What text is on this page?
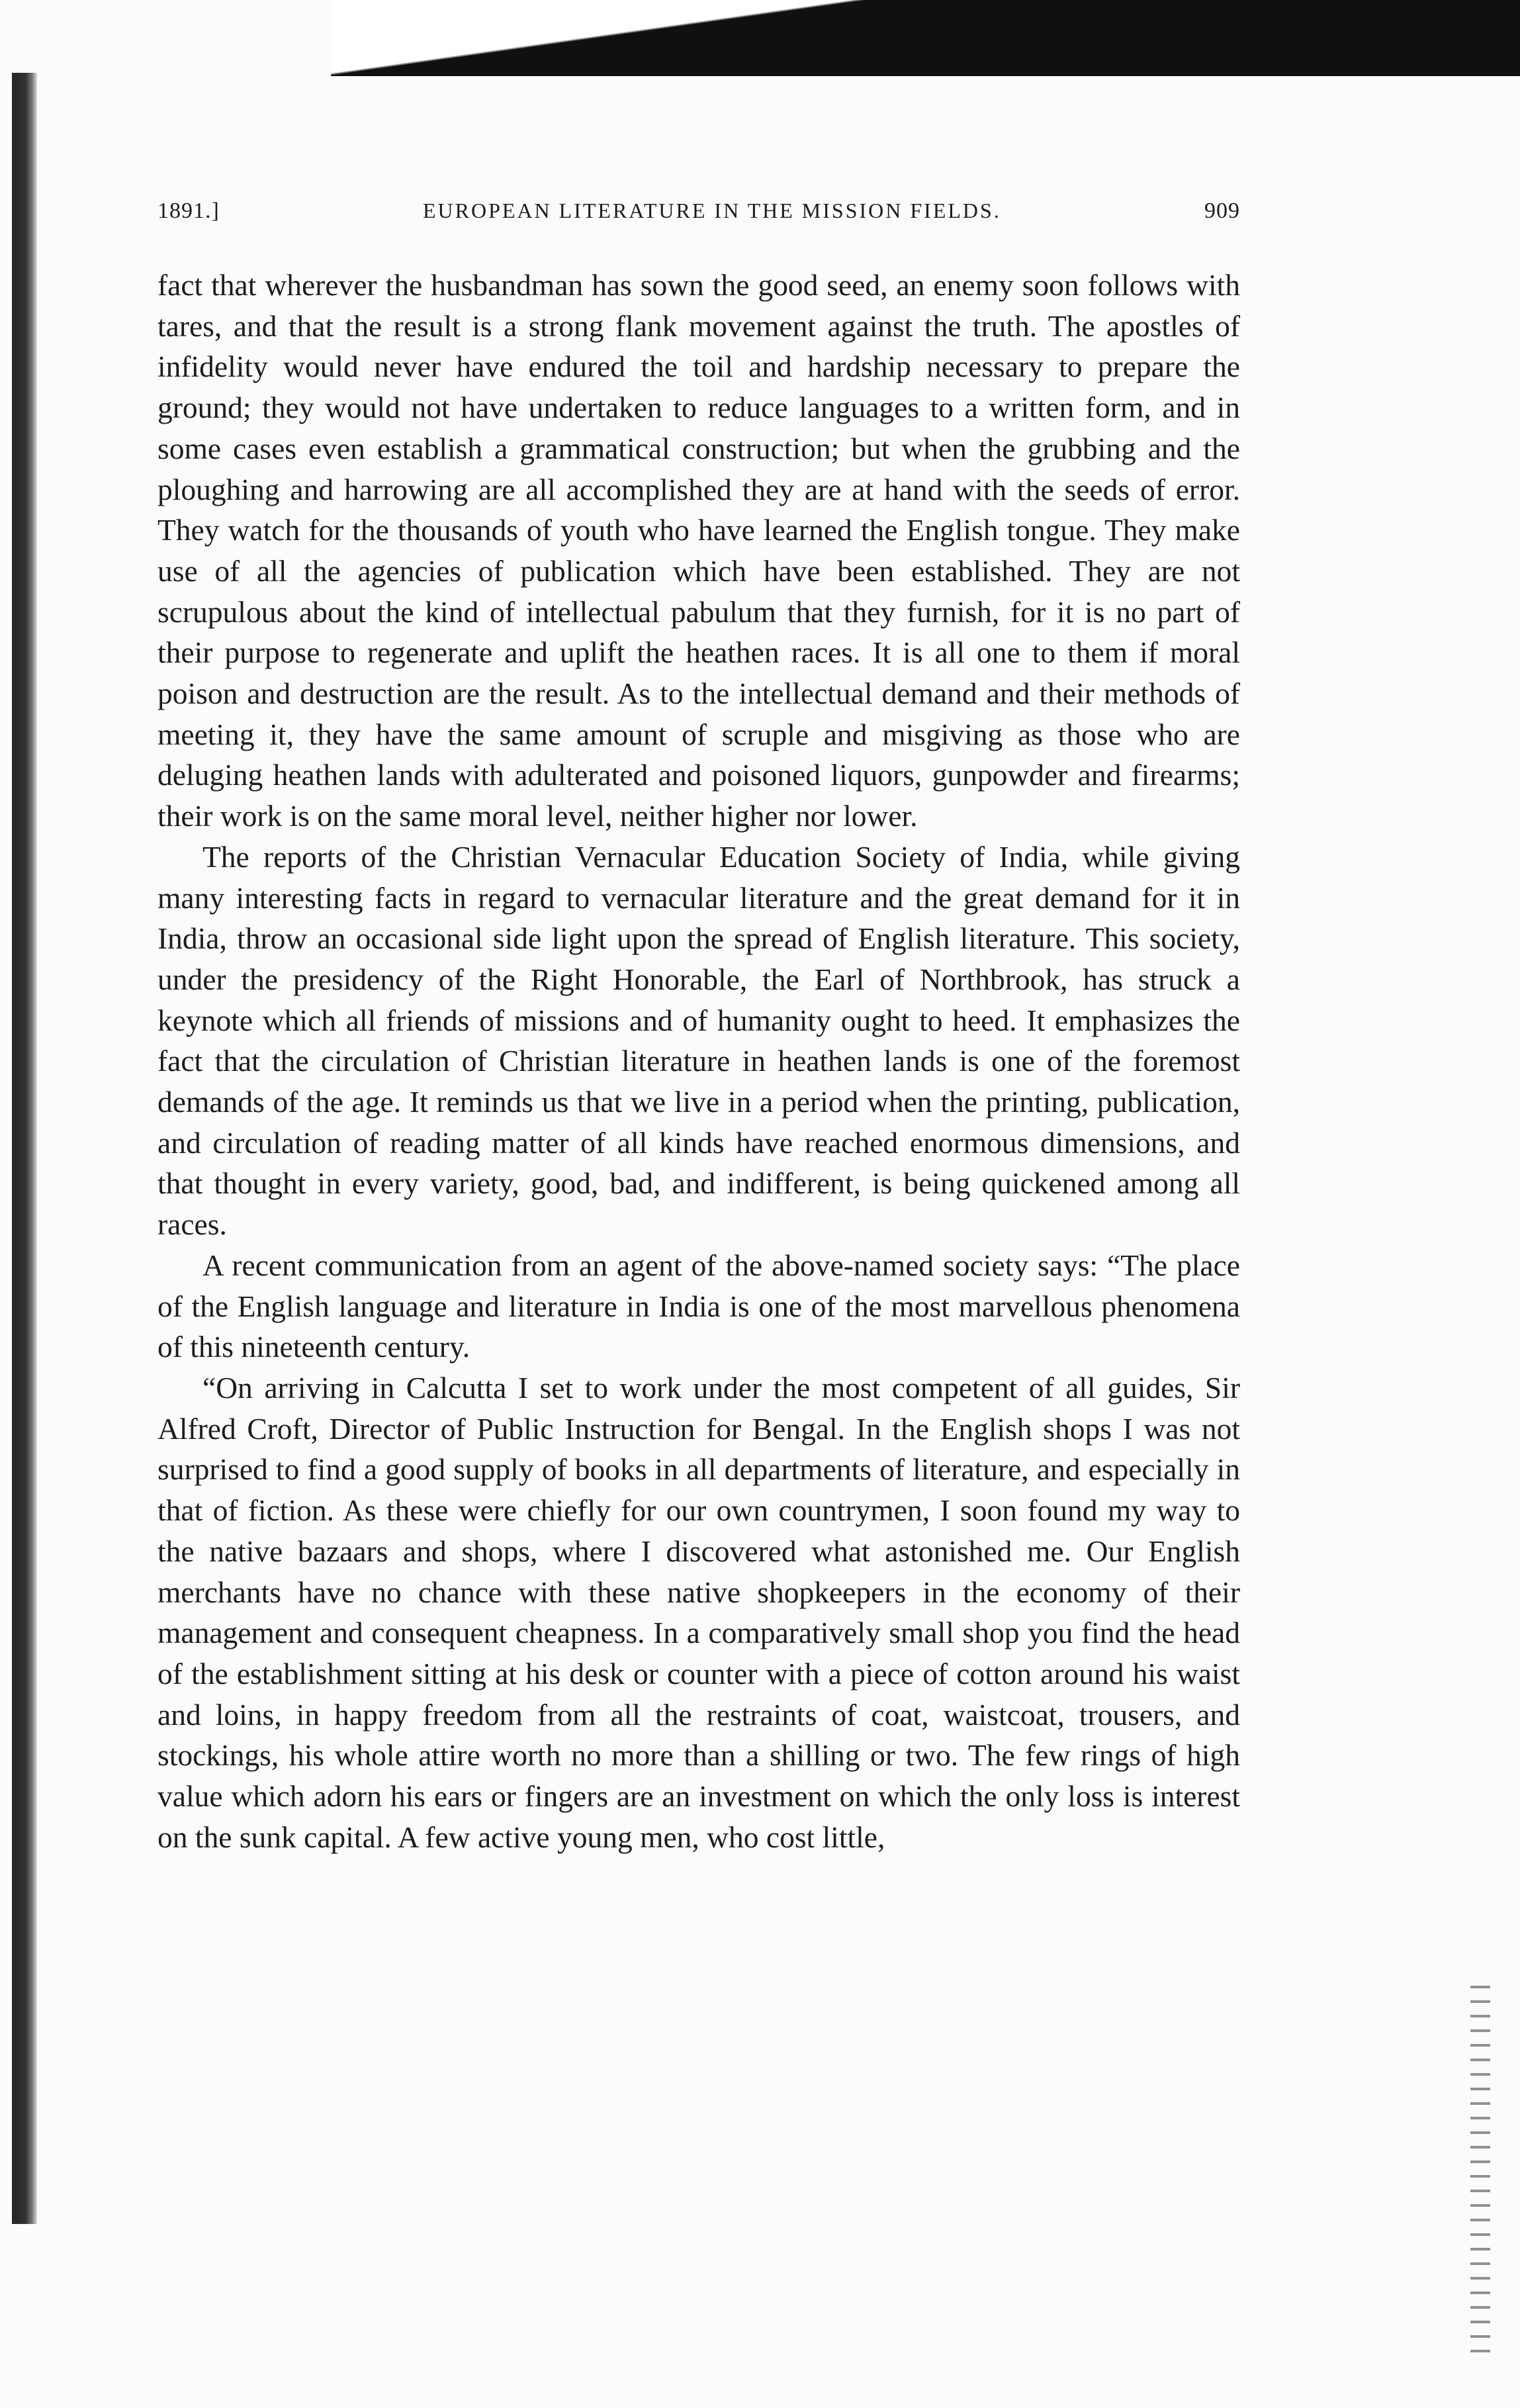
1891.]	EUROPEAN LITERATURE IN THE MISSION FIELDS.	909

fact that wherever the husbandman has sown the good seed, an enemy soon follows with tares, and that the result is a strong flank movement against the truth. The apostles of infidelity would never have endured the toil and hardship necessary to prepare the ground; they would not have undertaken to reduce languages to a written form, and in some cases even establish a grammatical construction; but when the grubbing and the ploughing and harrowing are all accomplished they are at hand with the seeds of error. They watch for the thousands of youth who have learned the English tongue. They make use of all the agencies of publication which have been established. They are not scrupulous about the kind of intellectual pabulum that they furnish, for it is no part of their purpose to regenerate and uplift the heathen races. It is all one to them if moral poison and destruction are the result. As to the intellectual demand and their methods of meeting it, they have the same amount of scruple and misgiving as those who are deluging heathen lands with adulterated and poisoned liquors, gunpowder and firearms; their work is on the same moral level, neither higher nor lower.

The reports of the Christian Vernacular Education Society of India, while giving many interesting facts in regard to vernacular literature and the great demand for it in India, throw an occasional side light upon the spread of English literature. This society, under the presidency of the Right Honorable, the Earl of Northbrook, has struck a keynote which all friends of missions and of humanity ought to heed. It emphasizes the fact that the circulation of Christian literature in heathen lands is one of the foremost demands of the age. It reminds us that we live in a period when the printing, publication, and circulation of reading matter of all kinds have reached enormous dimensions, and that thought in every variety, good, bad, and indifferent, is being quickened among all races.

A recent communication from an agent of the above-named society says: “The place of the English language and literature in India is one of the most marvellous phenomena of this nineteenth century.

“On arriving in Calcutta I set to work under the most competent of all guides, Sir Alfred Croft, Director of Public Instruction for Bengal. In the English shops I was not surprised to find a good supply of books in all departments of literature, and especially in that of fiction. As these were chiefly for our own countrymen, I soon found my way to the native bazaars and shops, where I discovered what astonished me. Our English merchants have no chance with these native shopkeepers in the economy of their management and consequent cheapness. In a comparatively small shop you find the head of the establishment sitting at his desk or counter with a piece of cotton around his waist and loins, in happy freedom from all the restraints of coat, waistcoat, trousers, and stockings, his whole attire worth no more than a shilling or two. The few rings of high value which adorn his ears or fingers are an investment on which the only loss is interest on the sunk capital. A few active young men, who cost little,
